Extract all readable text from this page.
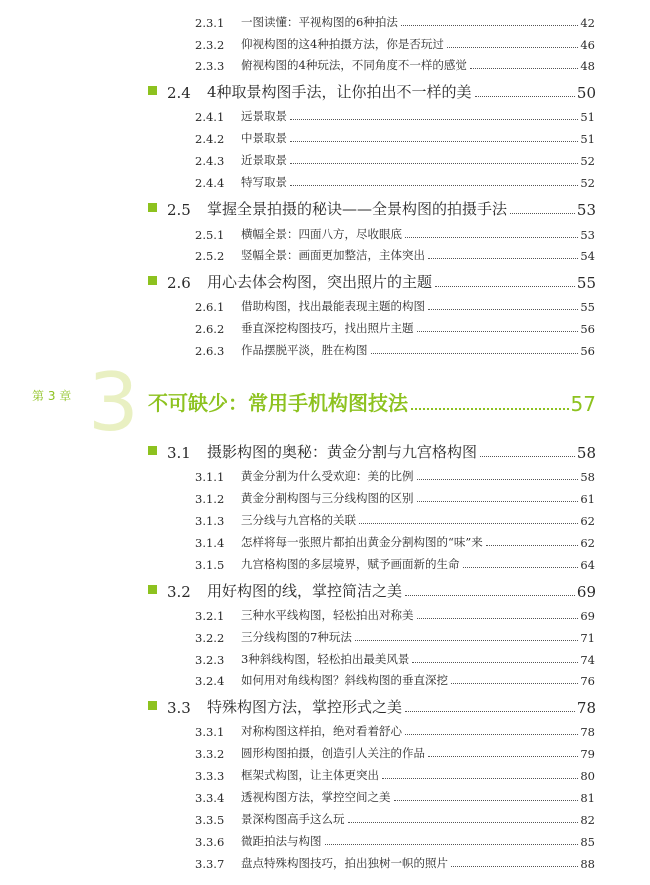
2.3.1	一图读懂：平视构图的6种拍法	42
2.3.2	仰视构图的这4种拍摄方法，你是否玩过	46
2.3.3	俯视构图的4种玩法，不同角度不一样的感觉	48
2.4	4种取景构图手法，让你拍出不一样的美	50
2.4.1	远景取景	51
2.4.2	中景取景	51
2.4.3	近景取景	52
2.4.4	特写取景	52
2.5	掌握全景拍摄的秘诀——全景构图的拍摄手法	53
2.5.1	横幅全景：四面八方，尽收眼底	53
2.5.2	竖幅全景：画面更加整洁，主体突出	54
2.6	用心去体会构图，突出照片的主题	55
2.6.1	借助构图，找出最能表现主题的构图	55
2.6.2	垂直深挖构图技巧，找出照片主题	56
2.6.3	作品摆脱平淡，胜在构图	56
3
第 3 章	不可缺少：常用手机构图技法	57
3.1	摄影构图的奥秘：黄金分割与九宫格构图	58
3.1.1	黄金分割为什么受欢迎：美的比例	58
3.1.2	黄金分割构图与三分线构图的区别	61
3.1.3	三分线与九宫格的关联	62
3.1.4	怎样将每一张照片都拍出黄金分割构图的“味”来	62
3.1.5	九宫格构图的多层境界，赋予画面新的生命	64
3.2	用好构图的线，掌控简洁之美	69
3.2.1	三种水平线构图，轻松拍出对称美	69
3.2.2	三分线构图的7种玩法	71
3.2.3	3种斜线构图，轻松拍出最美风景	74
3.2.4	如何用对角线构图？斜线构图的垂直深挖	76
3.3	特殊构图方法，掌控形式之美	78
3.3.1	对称构图这样拍，绝对看着舒心	78
3.3.2	圆形构图拍摄，创造引人关注的作品	79
3.3.3	框架式构图，让主体更突出	80
3.3.4	透视构图方法，掌控空间之美	81
3.3.5	景深构图高手这么玩	82
3.3.6	微距拍法与构图	85
3.3.7	盘点特殊构图技巧，拍出独树一帜的照片	88
